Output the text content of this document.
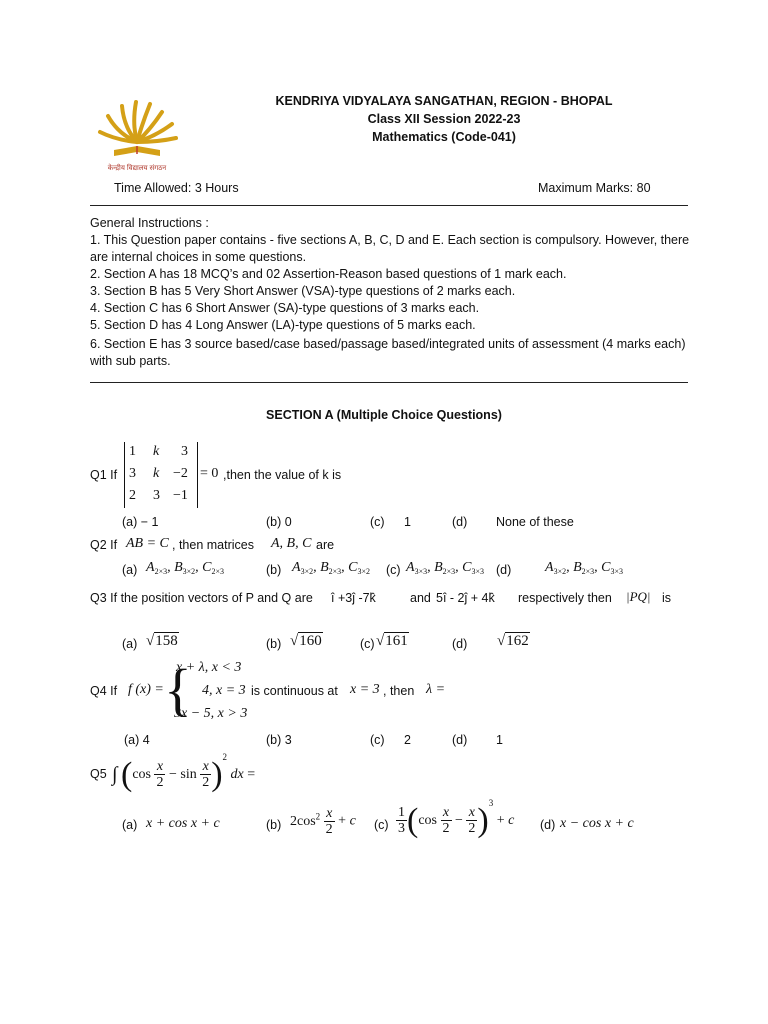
केन्द्रीय विद्यालय संगठन
KENDRIYA VIDYALAYA SANGATHAN, REGION - BHOPAL
Class XII Session 2022-23
Mathematics (Code-041)
Time Allowed: 3 Hours	Maximum Marks: 80
General Instructions :
1. This Question paper contains - five sections A, B, C, D and E. Each section is compulsory. However, there are internal choices in some questions.
2. Section A has 18 MCQ’s and 02 Assertion-Reason based questions of 1 mark each.
3. Section B has 5 Very Short Answer (VSA)-type questions of 2 marks each.
4. Section C has 6 Short Answer (SA)-type questions of 3 marks each.
5. Section D has 4 Long Answer (LA)-type questions of 5 marks each.
6. Section E has 3 source based/case based/passage based/integrated units of assessment (4 marks each) with sub parts.
SECTION A (Multiple Choice Questions)
Q1 If
1 k 3
3 k −2
2 3 −1
= 0 ,then the value of k is
(a) − 1	(b) 0	(c) 1	(d) None of these
Q2 If AB = C , then matrices A, B, C are
(a) $A_{2\times 3}$, $B_{3\times 2}$, $C_{2\times 3}$	(b) $A_{3\times 2}$, $B_{2\times 3}$, $C_{3\times 2}$ (c) $A_{3\times 3}$, $B_{2\times 3}$, $C_{3\times 3}$ (d) $A_{3\times 2}$, $B_{2\times 3}$, $C_{3\times 3}$
Q3 If the position vectors of P and Q are î +3ĵ -7k̂	and 5î - 2ĵ + 4k̂ respectively then |PQ| is
(a) √158	(b) √160	(c) √161	(d) √162
Q4 If f (x) = {
x + λ, x < 3
4, x = 3
3x − 5, x > 3
is continuous at x = 3 , then λ =
(a) 4	(b) 3	(c) 2	(d) 1
Q5 ∫ $(\cos \frac{x}{2} - \sin \frac{x}{2} )^2$ dx =
(a) x + cos x + c	(b) $2\cos^2 \frac{x}{2} + c$ $(c) \frac{1}{3} (\cos \frac{x}{2} - \frac{x}{2} )^3 + c$ (d) x − cos x + c
